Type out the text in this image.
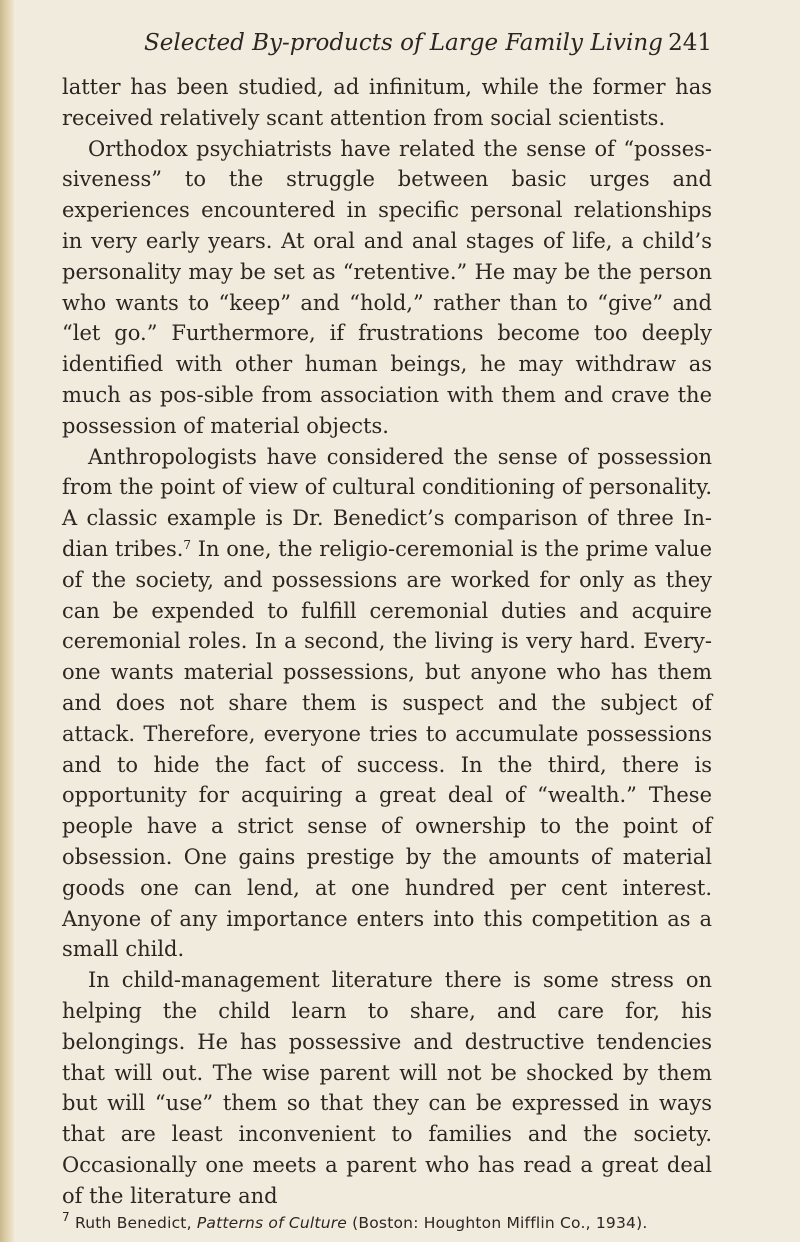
Selected By-products of Large Family Living 241

latter has been studied, ad infinitum, while the former has received relatively scant attention from social scientists.

Orthodox psychiatrists have related the sense of “posses-siveness” to the struggle between basic urges and experiences encountered in specific personal relationships in very early years. At oral and anal stages of life, a child’s personality may be set as “retentive.” He may be the person who wants to “keep” and “hold,” rather than to “give” and “let go.” Furthermore, if frustrations become too deeply identified with other human beings, he may withdraw as much as pos-sible from association with them and crave the possession of material objects.

Anthropologists have considered the sense of possession from the point of view of cultural conditioning of personality. A classic example is Dr. Benedict’s comparison of three In-dian tribes.$^7$ In one, the religio-ceremonial is the prime value of the society, and possessions are worked for only as they can be expended to fulfill ceremonial duties and acquire ceremonial roles. In a second, the living is very hard. Every-one wants material possessions, but anyone who has them and does not share them is suspect and the subject of attack. Therefore, everyone tries to accumulate possessions and to hide the fact of success. In the third, there is opportunity for acquiring a great deal of “wealth.” These people have a strict sense of ownership to the point of obsession. One gains prestige by the amounts of material goods one can lend, at one hundred per cent interest. Anyone of any importance enters into this competition as a small child.

In child-management literature there is some stress on helping the child learn to share, and care for, his belongings. He has possessive and destructive tendencies that will out. The wise parent will not be shocked by them but will “use” them so that they can be expressed in ways that are least inconvenient to families and the society. Occasionally one meets a parent who has read a great deal of the literature and

$^7$ Ruth Benedict, Patterns of Culture (Boston: Houghton Mifflin Co., 1934).
